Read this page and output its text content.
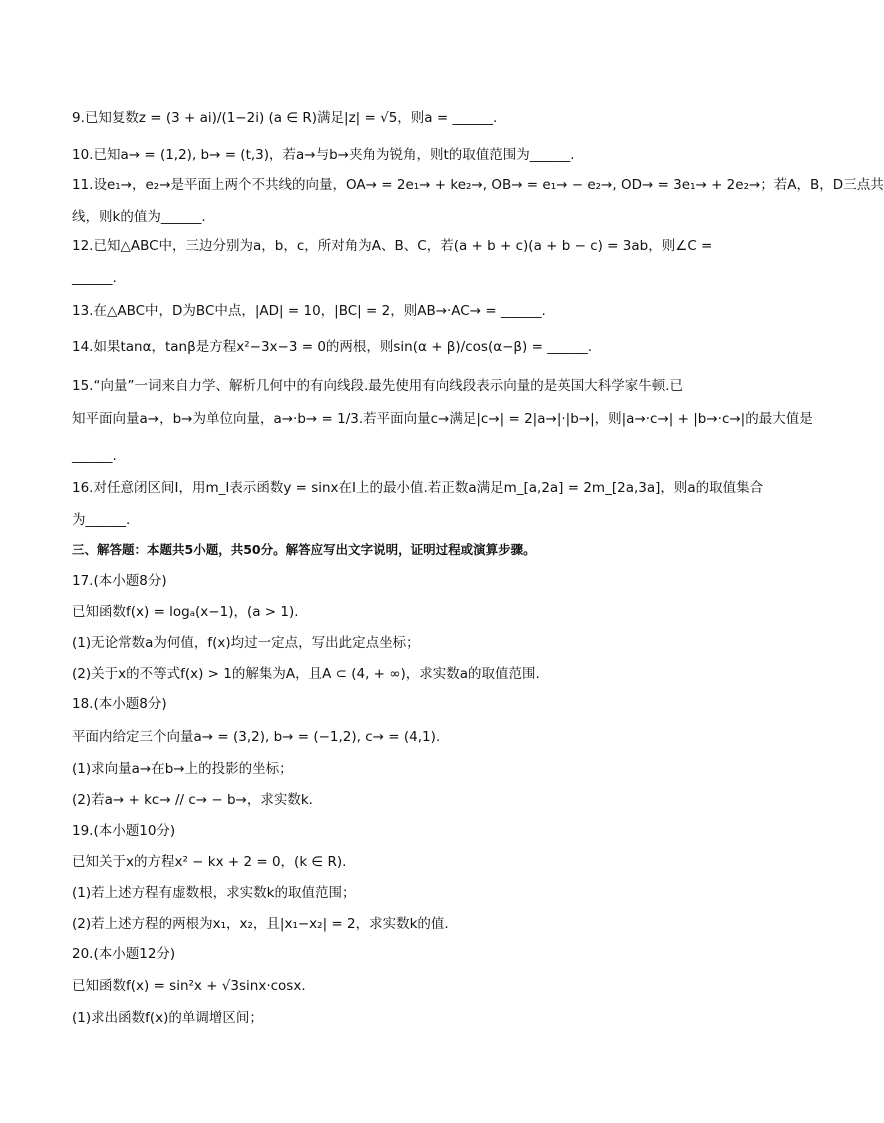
9.已知复数z = (3 + ai)/(1−2i) (a ∈ R)满足|z| = √5，则a = ______.
10.已知a→ = (1,2), b→ = (t,3)，若a→与b→夹角为锐角，则t的取值范围为______.
11.设e₁→，e₂→是平面上两个不共线的向量，OA→ = 2e₁→ + ke₂→, OB→ = e₁→ − e₂→, OD→ = 3e₁→ + 2e₂→；若A，B，D三点共
线，则k的值为______.
12.已知△ABC中，三边分别为a，b，c，所对角为A、B、C，若(a + b + c)(a + b − c) = 3ab，则∠C =
______.
13.在△ABC中，D为BC中点，|AD| = 10，|BC| = 2，则AB→·AC→ = ______.
14.如果tanα，tanβ是方程x²−3x−3 = 0的两根，则sin(α + β)/cos(α−β) = ______.
15.“向量”一词来自力学、解析几何中的有向线段.最先使用有向线段表示向量的是英国大科学家牛顿.已
知平面向量a→，b→为单位向量，a→·b→ = 1/3.若平面向量c→满足|c→| = 2|a→|·|b→|，则|a→·c→| + |b→·c→|的最大值是
______.
16.对任意闭区间I，用m_I表示函数y = sinx在I上的最小值.若正数a满足m_[a,2a] = 2m_[2a,3a]，则a的取值集合
为______.
三、解答题：本题共5小题，共50分。解答应写出文字说明，证明过程或演算步骤。
17.(本小题8分)
已知函数f(x) = logₐ(x−1)，(a > 1).
(1)无论常数a为何值，f(x)均过一定点，写出此定点坐标；
(2)关于x的不等式f(x) > 1的解集为A，且A ⊂ (4, + ∞)，求实数a的取值范围.
18.(本小题8分)
平面内给定三个向量a→ = (3,2), b→ = (−1,2), c→ = (4,1).
(1)求向量a→在b→上的投影的坐标；
(2)若a→ + kc→ // c→ − b→，求实数k.
19.(本小题10分)
已知关于x的方程x² − kx + 2 = 0，(k ∈ R).
(1)若上述方程有虚数根，求实数k的取值范围；
(2)若上述方程的两根为x₁，x₂，且|x₁−x₂| = 2，求实数k的值.
20.(本小题12分)
已知函数f(x) = sin²x + √3sinx·cosx.
(1)求出函数f(x)的单调增区间；
